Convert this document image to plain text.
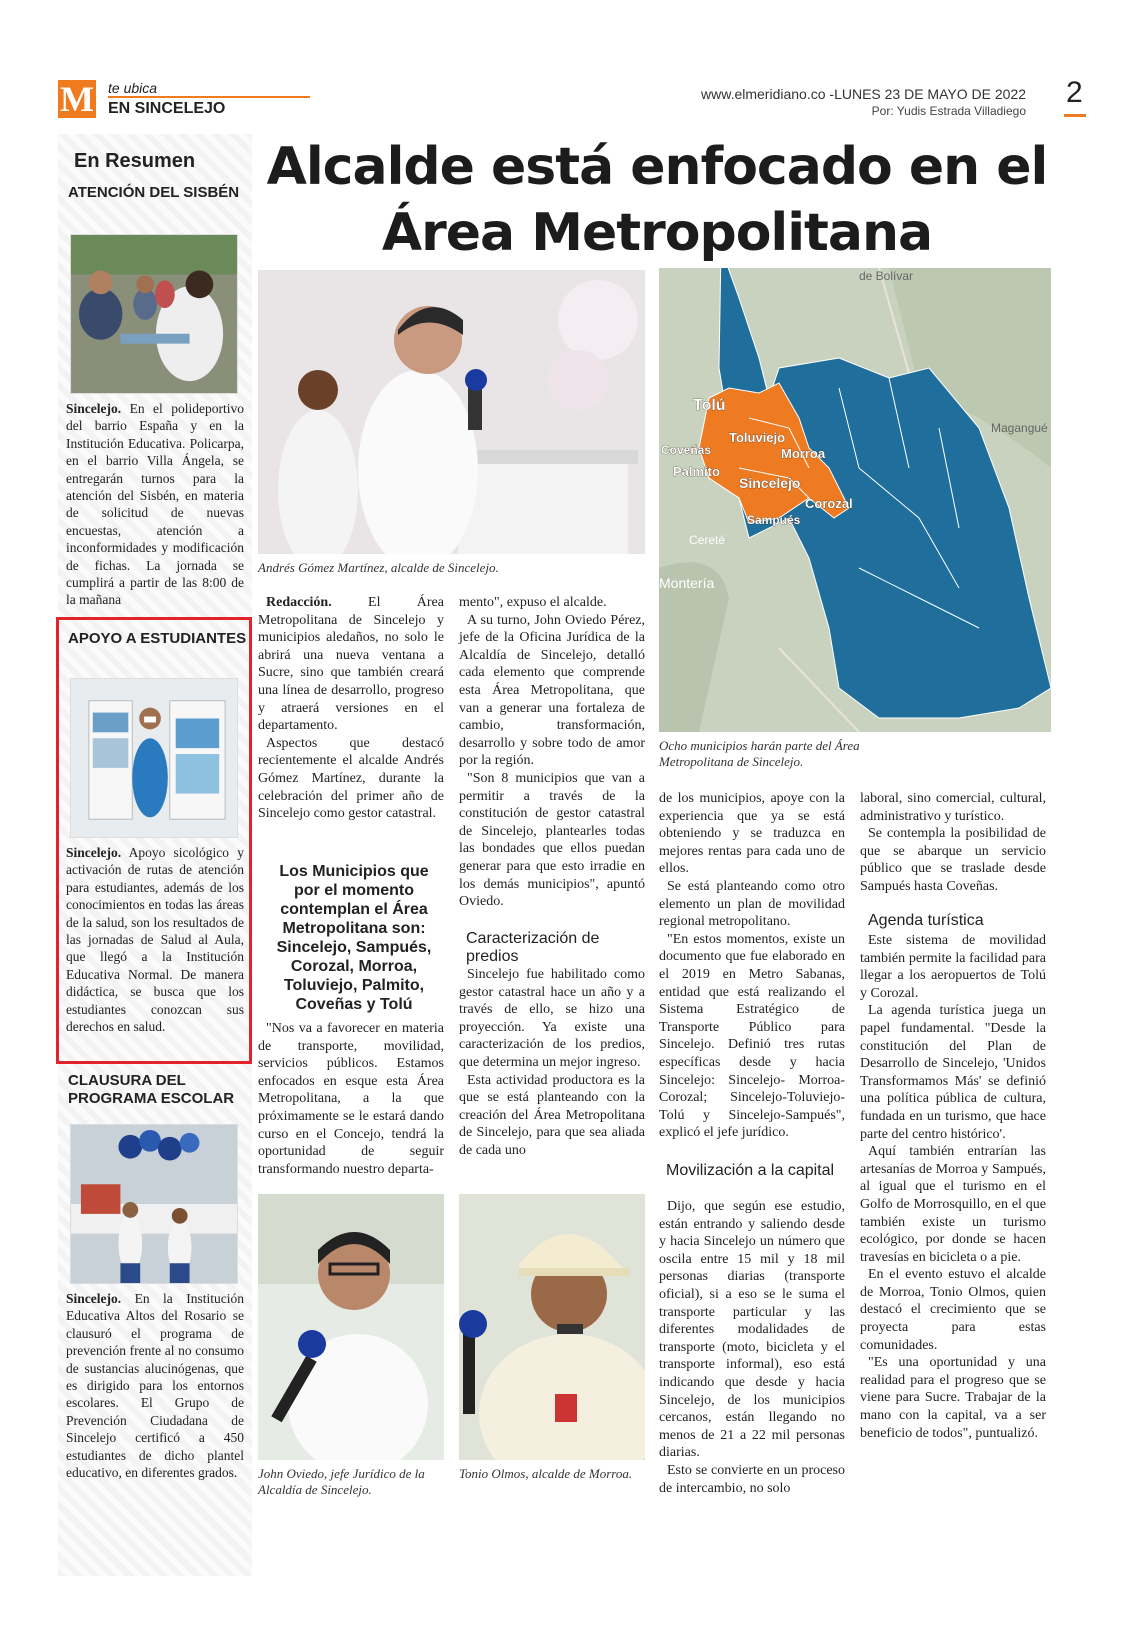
M te ubica
EN SINCELEJO
www.elmeridiano.co -LUNES 23 DE MAYO DE 2022
Por: Yudis Estrada Villadiego
2
En Resumen
ATENCIÓN DEL SISBÉN
Sincelejo. En el polideportivo del barrio España y en la Institución Educativa. Policarpa, en el barrio Villa Ángela, se entregarán turnos para la atención del Sisbén, en materia de solicitud de nuevas encuestas, atención a inconformidades y modificación de fichas. La jornada se cumplirá a partir de las 8:00 de la mañana
APOYO A ESTUDIANTES
Sincelejo. Apoyo sicológico y activación de rutas de atención para estudiantes, además de los conocimientos en todas las áreas de la salud, son los resultados de las jornadas de Salud al Aula, que llegó a la Institución Educativa Normal. De manera didáctica, se busca que los estudiantes conozcan sus derechos en salud.
CLAUSURA DEL PROGRAMA ESCOLAR
Sincelejo. En la Institución Educativa Altos del Rosario se clausuró el programa de prevención frente al no consumo de sustancias alucinógenas, que es dirigido para los entornos escolares. El Grupo de Prevención Ciudadana de Sincelejo certificó a 450 estudiantes de dicho plantel educativo, en diferentes grados.
Alcalde está enfocado en el Área Metropolitana
Andrés Gómez Martínez, alcalde de Sincelejo.
Tolú
Toluviejo
Coveñas	Morroa
Palmito
Sincelejo
Corozal
Sampués
de Bolívar
Magangué
Cereté
Montería
Ocho municipios harán parte del Área Metropolitana de Sincelejo.

Redacción. El Área Metropolitana de Sincelejo y municipios aledaños, no solo le abrirá una nueva ventana a Sucre, sino que también creará una línea de desarrollo, progreso y atraerá versiones en el departamento.

Aspectos que destacó recientemente el alcalde Andrés Gómez Martínez, durante la celebración del primer año de Sincelejo como gestor catastral.

Los Municipios que por el momento contemplan el Área Metropolitana son: Sincelejo, Sampués, Corozal, Morroa, Toluviejo, Palmito, Coveñas y Tolú

"Nos va a favorecer en materia de transporte, movilidad, servicios públicos. Estamos enfocados en esque esta Área Metropolitana, a la que próximamente se le estará dando curso en el Concejo, tendrá la oportunidad de seguir transformando nuestro departa-

mento", expuso el alcalde.

A su turno, John Oviedo Pérez, jefe de la Oficina Jurídica de la Alcaldía de Sincelejo, detalló cada elemento que comprende esta Área Metropolitana, que van a generar una fortaleza de cambio, transformación, desarrollo y sobre todo de amor por la región.

"Son 8 municipios que van a permitir a través de la constitución de gestor catastral de Sincelejo, plantearles todas las bondades que ellos puedan generar para que esto irradie en los demás municipios", apuntó Oviedo.

Caracterización de predios

Sincelejo fue habilitado como gestor catastral hace un año y a través de ello, se hizo una proyección. Ya existe una caracterización de los predios, que determina un mejor ingreso.

Esta actividad productora es la que se está planteando con la creación del Área Metropolitana de Sincelejo, para que sea aliada de cada uno

de los municipios, apoye con la experiencia que ya se está obteniendo y se traduzca en mejores rentas para cada uno de ellos.

Se está planteando como otro elemento un plan de movilidad regional metropolitano.

"En estos momentos, existe un documento que fue elaborado en el 2019 en Metro Sabanas, entidad que está realizando el Sistema Estratégico de Transporte Público para Sincelejo. Definió tres rutas específicas desde y hacia Sincelejo: Sincelejo- Morroa- Corozal; Sincelejo-Toluviejo-Tolú y Sincelejo-Sampués", explicó el jefe jurídico.

Movilización a la capital

Dijo, que según ese estudio, están entrando y saliendo desde y hacia Sincelejo un número que oscila entre 15 mil y 18 mil personas diarias (transporte oficial), si a eso se le suma el transporte particular y las diferentes modalidades de transporte (moto, bicicleta y el transporte informal), eso está indicando que desde y hacia Sincelejo, de los municipios cercanos, están llegando no menos de 21 a 22 mil personas diarias.

Esto se convierte en un proceso de intercambio, no solo

laboral, sino comercial, cultural, administrativo y turístico.

Se contempla la posibilidad de que se abarque un servicio público que se traslade desde Sampués hasta Coveñas.

Agenda turística

Este sistema de movilidad también permite la facilidad para llegar a los aeropuertos de Tolú y Corozal.

La agenda turística juega un papel fundamental. "Desde la constitución del Plan de Desarrollo de Sincelejo, 'Unidos Transformamos Más' se definió una política pública de cultura, fundada en un turismo, que hace parte del centro histórico'.

Aquí también entrarían las artesanías de Morroa y Sampués, al igual que el turismo en el Golfo de Morrosquillo, en el que también existe un turismo ecológico, por donde se hacen travesías en bicicleta o a pie.

En el evento estuvo el alcalde de Morroa, Tonio Olmos, quien destacó el crecimiento que se proyecta para estas comunidades.

"Es una oportunidad y una realidad para el progreso que se viene para Sucre. Trabajar de la mano con la capital, va a ser beneficio de todos", puntualizó.

John Oviedo, jefe Jurídico de la Alcaldía de Sincelejo.
Tonio Olmos, alcalde de Morroa.
